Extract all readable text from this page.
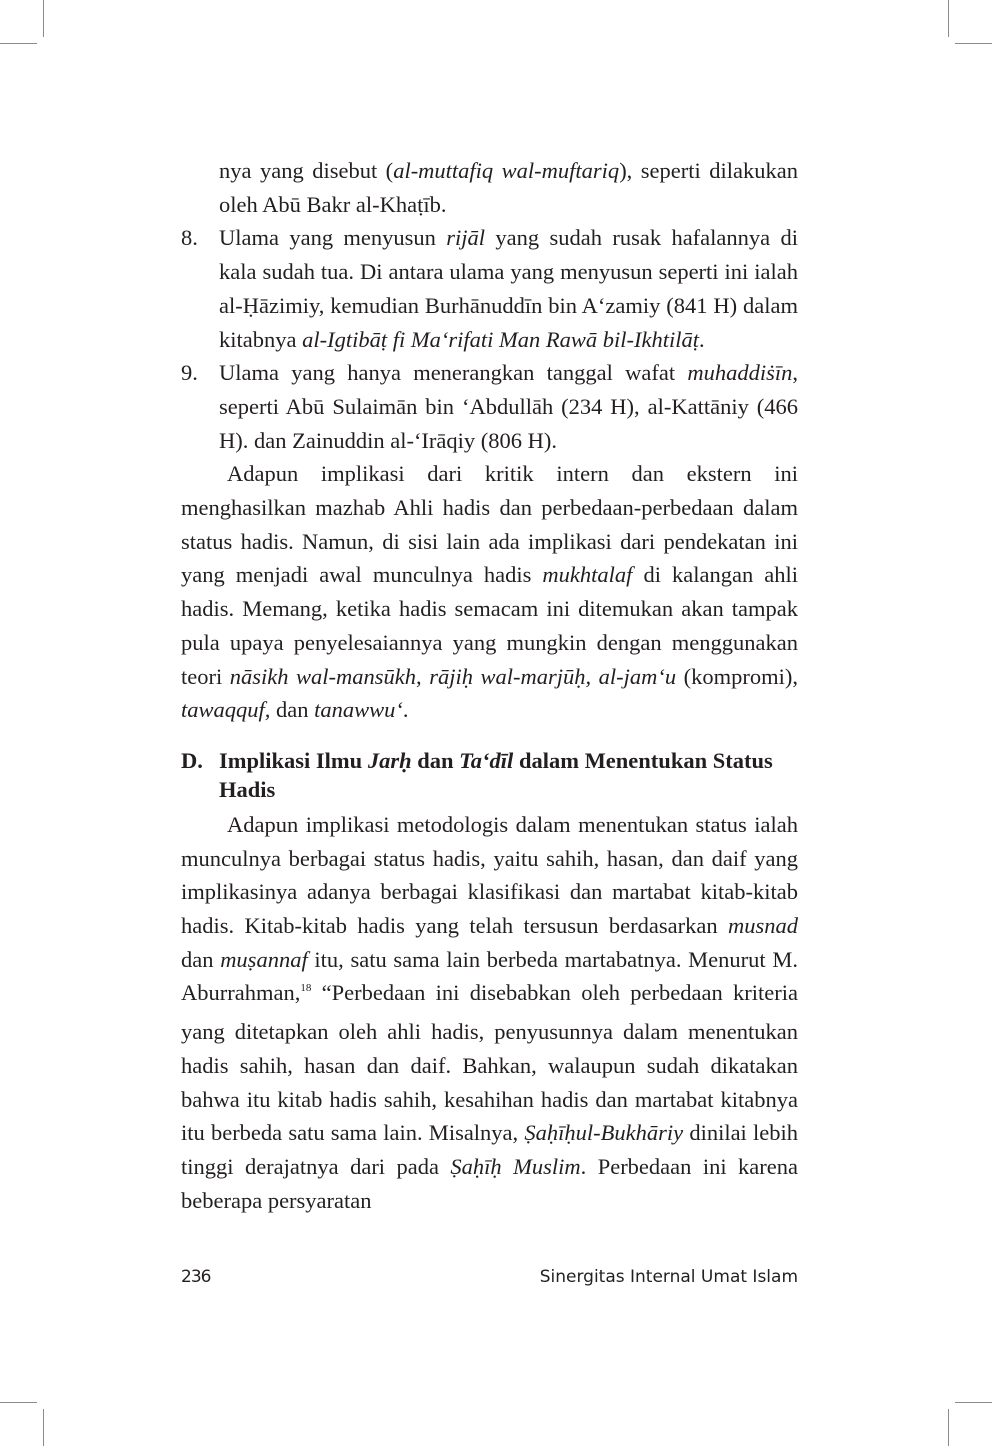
nya yang disebut (al-muttafiq wal-muftariq), seperti dilakukan oleh Abū Bakr al-Khaṭīb.

8. Ulama yang menyusun rijāl yang sudah rusak hafalannya di kala sudah tua. Di antara ulama yang menyusun seperti ini ialah al-Ḥāzimiy, kemudian Burhānuddīn bin A‘zamiy (841 H) dalam kitabnya al-Igtibāṭ fi Ma‘rifati Man Rawā bil-Ikhtilāṭ.
9. Ulama yang hanya menerangkan tanggal wafat muhaddiṡīn, seperti Abū Sulaimān bin ‘Abdullāh (234 H), al-Kattāniy (466 H). dan Zainuddin al-‘Irāqiy (806 H).

Adapun implikasi dari kritik intern dan ekstern ini menghasilkan mazhab Ahli hadis dan perbedaan-perbedaan dalam status hadis. Namun, di sisi lain ada implikasi dari pendekatan ini yang menjadi awal munculnya hadis mukhtalaf di kalangan ahli hadis. Memang, ketika hadis semacam ini ditemukan akan tampak pula upaya penyelesaiannya yang mungkin dengan menggunakan teori nāsikh wal-mansūkh, rājiḥ wal-marjūḥ, al-jam‘u (kompromi), tawaqquf, dan tanawwu‘.

D. Implikasi Ilmu Jarḥ dan Ta‘dīl dalam Menentukan Status Hadis

Adapun implikasi metodologis dalam menentukan status ialah munculnya berbagai status hadis, yaitu sahih, hasan, dan daif yang implikasinya adanya berbagai klasifikasi dan martabat kitab-kitab hadis. Kitab-kitab hadis yang telah tersusun berdasarkan musnad dan muṣannaf itu, satu sama lain berbeda martabatnya. Menurut M. Aburrahman,$^{18}$ “Perbedaan ini disebabkan oleh perbedaan kriteria yang ditetapkan oleh ahli hadis, penyusunnya dalam menentukan hadis sahih, hasan dan daif. Bahkan, walaupun sudah dikatakan bahwa itu kitab hadis sahih, kesahihan hadis dan martabat kitabnya itu berbeda satu sama lain. Misalnya, Ṣaḥīḥul-Bukhāriy dinilai lebih tinggi derajatnya dari pada Ṣaḥīḥ Muslim. Perbedaan ini karena beberapa persyaratan

236	Sinergitas Internal Umat Islam
